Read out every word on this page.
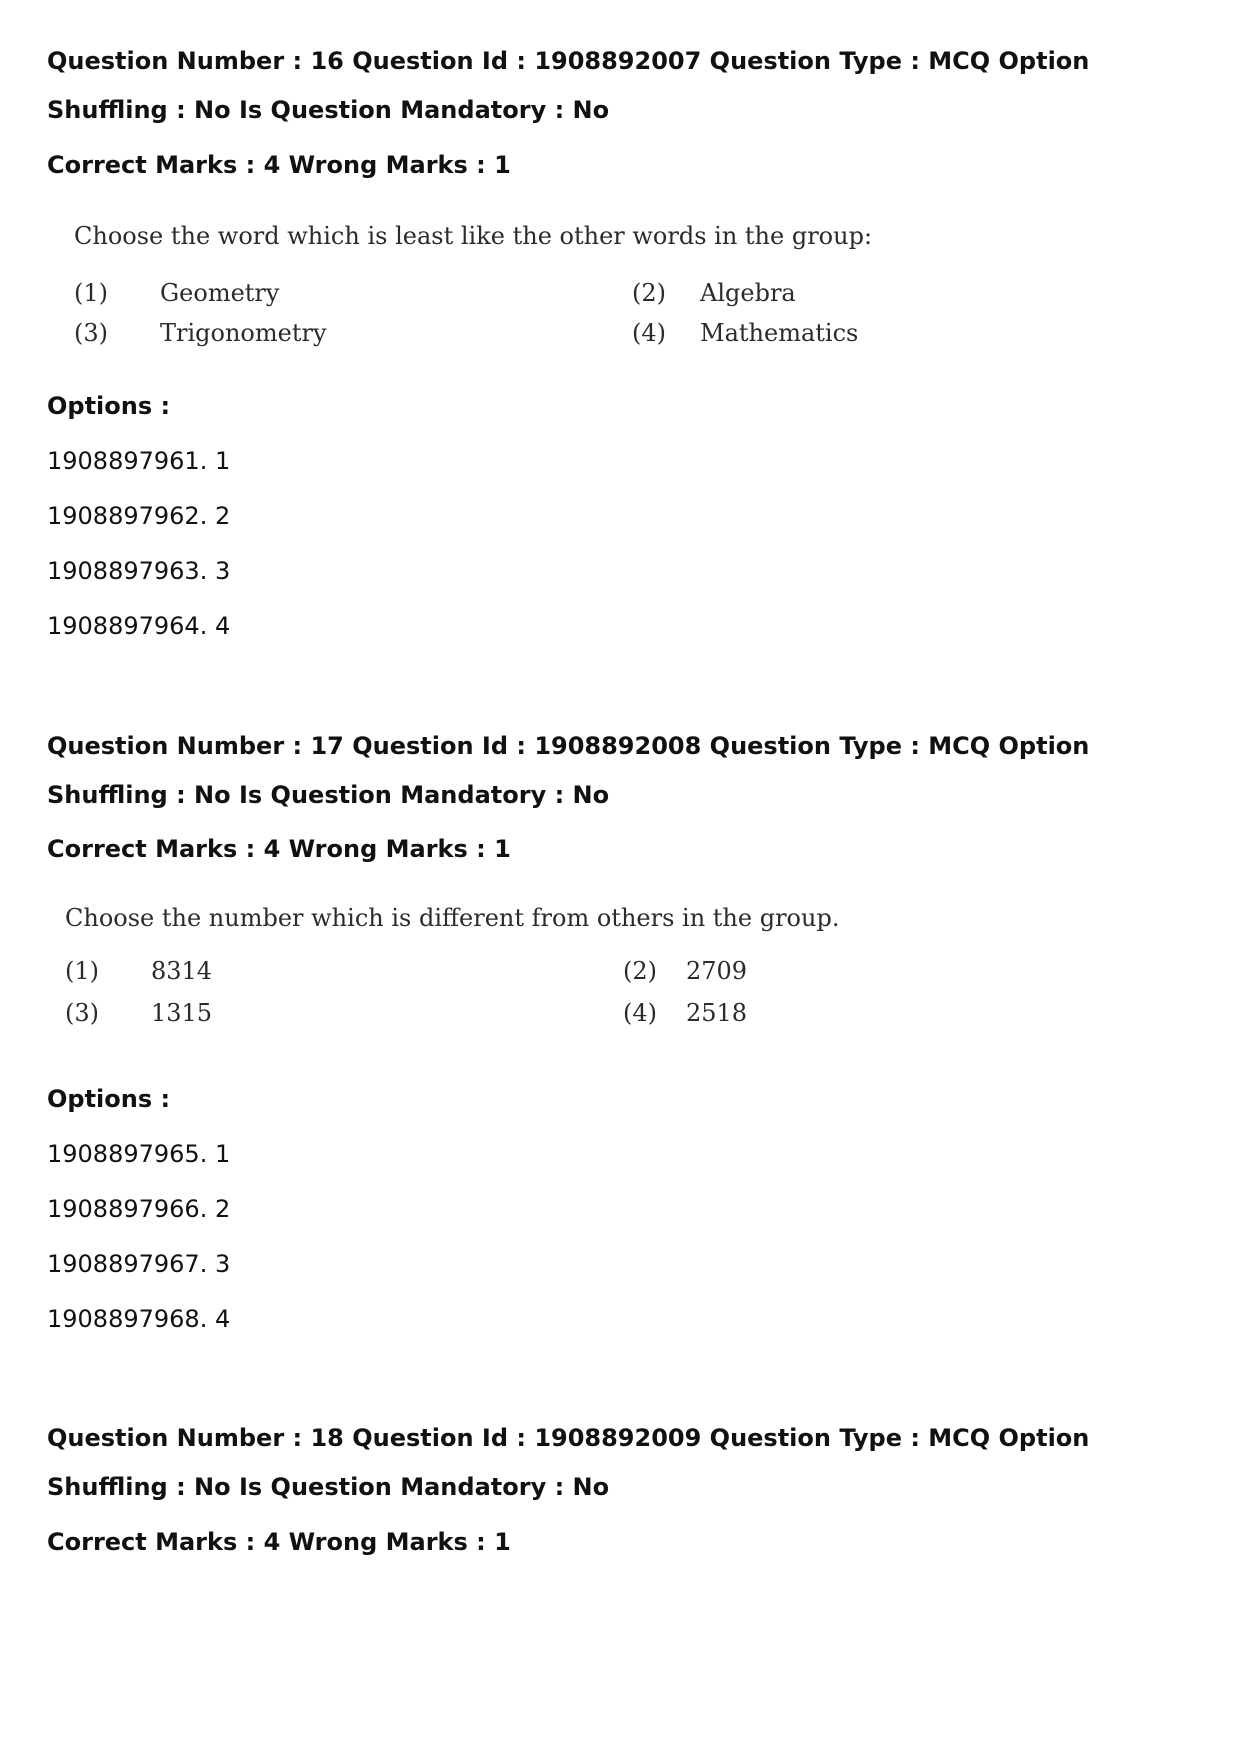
Question Number : 16 Question Id : 1908892007 Question Type : MCQ Option Shuffling : No Is Question Mandatory : No

Correct Marks : 4 Wrong Marks : 1

Choose the word which is least like the other words in the group:
(1) Geometry	(2) Algebra
(3) Trigonometry	(4) Mathematics
Options :
1908897961. 1
1908897962. 2
1908897963. 3
1908897964. 4

Question Number : 17 Question Id : 1908892008 Question Type : MCQ Option Shuffling : No Is Question Mandatory : No

Correct Marks : 4 Wrong Marks : 1

Choose the number which is different from others in the group.
(1) 8314	(2) 2709
(3) 1315	(4) 2518
Options :
1908897965. 1
1908897966. 2
1908897967. 3
1908897968. 4

Question Number : 18 Question Id : 1908892009 Question Type : MCQ Option Shuffling : No Is Question Mandatory : No

Correct Marks : 4 Wrong Marks : 1
